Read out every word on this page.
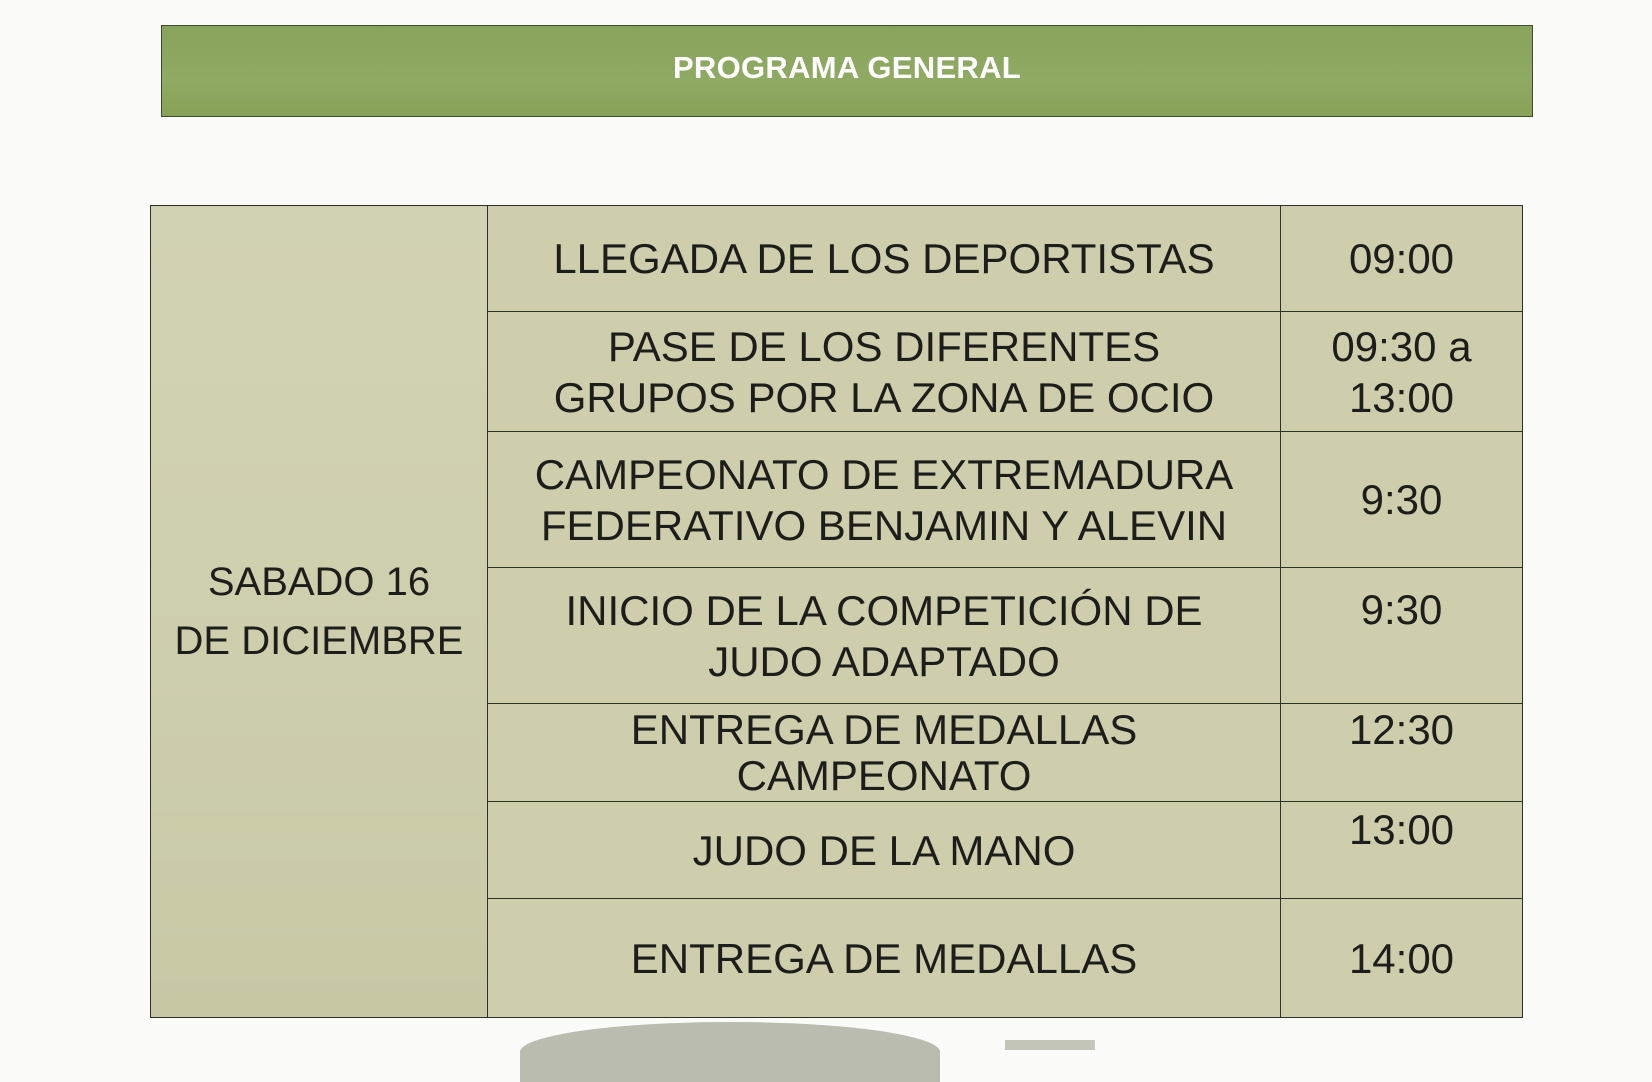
PROGRAMA GENERAL
SABADO 16
DE DICIEMBRE	LLEGADA DE LOS DEPORTISTAS	09:00

	PASE DE LOS DIFERENTES
GRUPOS POR LA ZONA DE OCIO	09:30 a
13:00

	CAMPEONATO DE EXTREMADURA
FEDERATIVO BENJAMIN Y ALEVIN	9:30

	INICIO DE LA COMPETICIÓN DE
JUDO ADAPTADO	9:30

	ENTREGA DE MEDALLAS
CAMPEONATO	12:30

	JUDO DE LA MANO	13:00

	ENTREGA DE MEDALLAS	14:00
